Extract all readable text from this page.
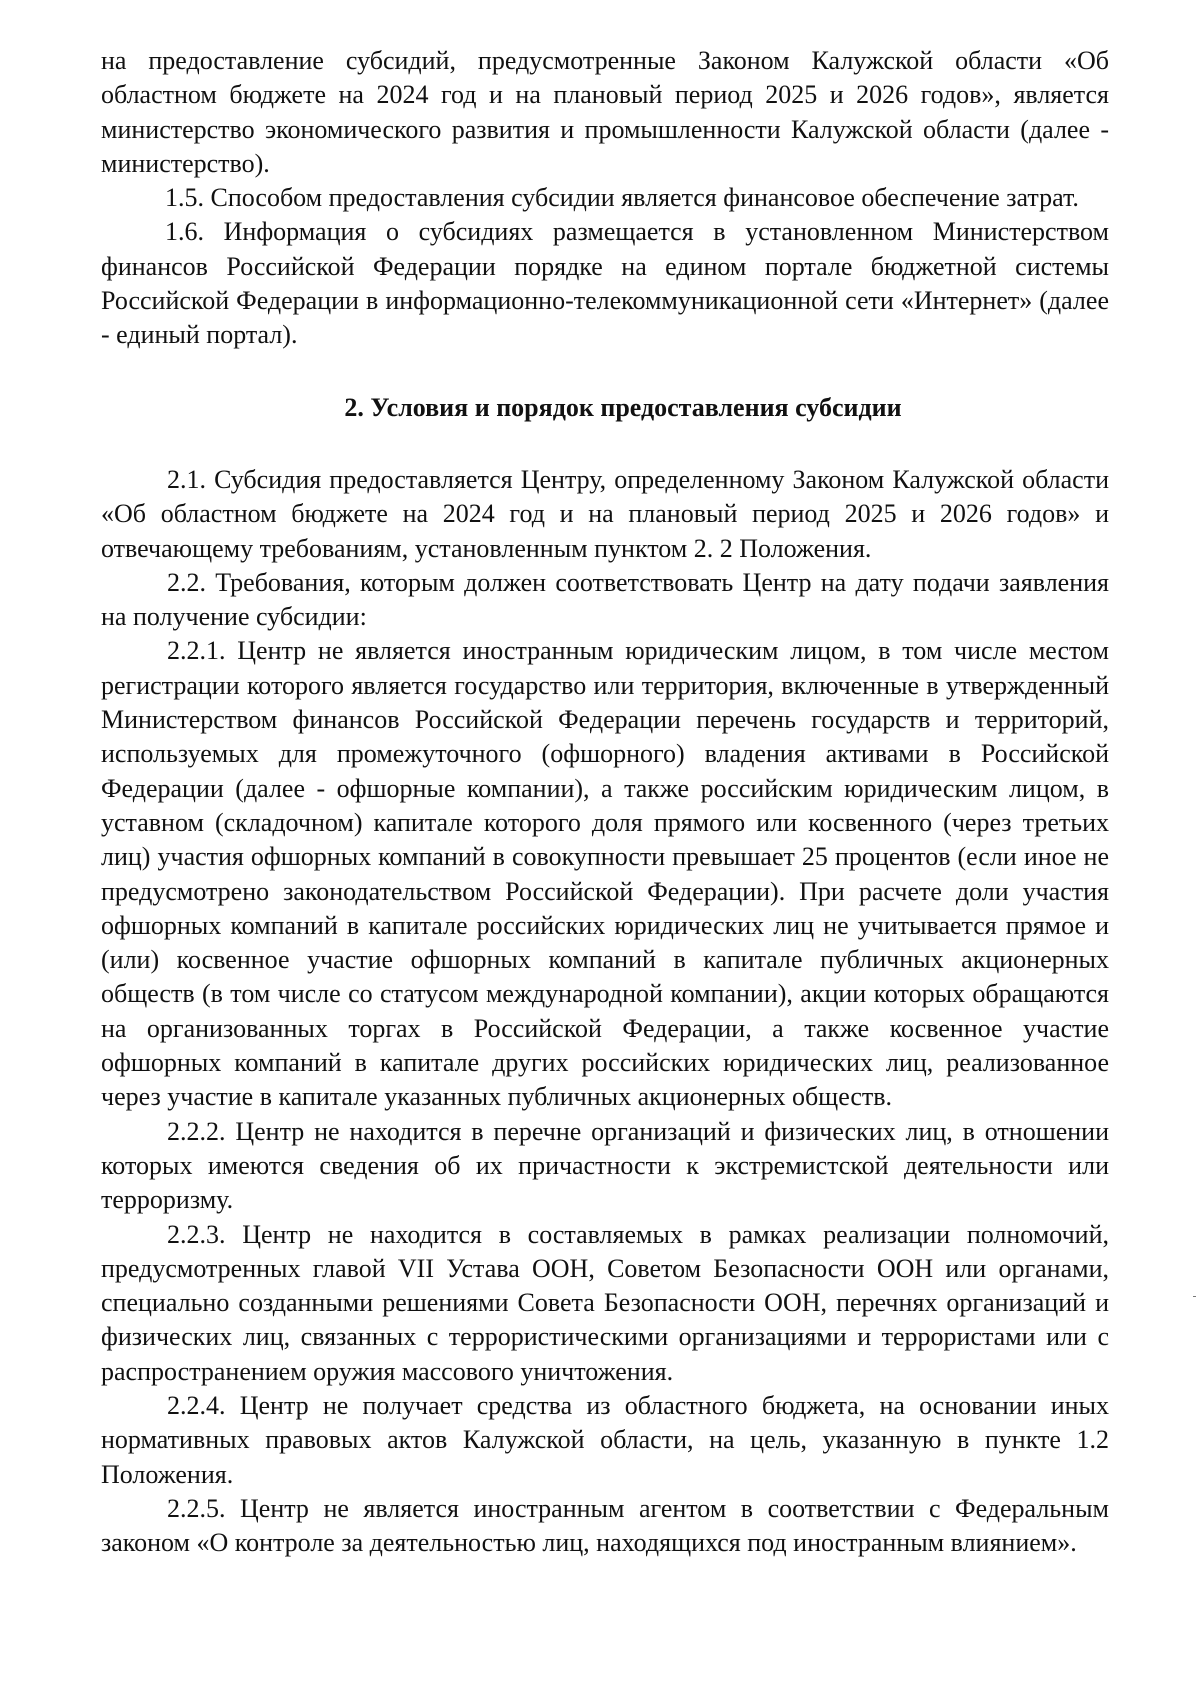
на предоставление субсидий, предусмотренные Законом Калужской области «Об областном бюджете на 2024 год и на плановый период 2025 и 2026 годов», является министерство экономического развития и промышленности Калужской области (далее - министерство).

1.5. Способом предоставления субсидии является финансовое обеспечение затрат.

1.6. Информация о субсидиях размещается в установленном Министерством финансов Российской Федерации порядке на едином портале бюджетной системы Российской Федерации в информационно-телекоммуникационной сети «Интернет» (далее - единый портал).

2. Условия и порядок предоставления субсидии

2.1. Субсидия предоставляется Центру, определенному Законом Калужской области «Об областном бюджете на 2024 год и на плановый период 2025 и 2026 годов» и отвечающему требованиям, установленным пунктом 2. 2 Положения.

2.2. Требования, которым должен соответствовать Центр на дату подачи заявления на получение субсидии:

2.2.1. Центр не является иностранным юридическим лицом, в том числе местом регистрации которого является государство или территория, включенные в утвержденный Министерством финансов Российской Федерации перечень государств и территорий, используемых для промежуточного (офшорного) владения активами в Российской Федерации (далее - офшорные компании), а также российским юридическим лицом, в уставном (складочном) капитале которого доля прямого или косвенного (через третьих лиц) участия офшорных компаний в совокупности превышает 25 процентов (если иное не предусмотрено законодательством Российской Федерации). При расчете доли участия офшорных компаний в капитале российских юридических лиц не учитывается прямое и (или) косвенное участие офшорных компаний в капитале публичных акционерных обществ (в том числе со статусом международной компании), акции которых обращаются на организованных торгах в Российской Федерации, а также косвенное участие офшорных компаний в капитале других российских юридических лиц, реализованное через участие в капитале указанных публичных акционерных обществ.

2.2.2. Центр не находится в перечне организаций и физических лиц, в отношении которых имеются сведения об их причастности к экстремистской деятельности или терроризму.

2.2.3. Центр не находится в составляемых в рамках реализации полномочий, предусмотренных главой VII Устава ООН, Советом Безопасности ООН или органами, специально созданными решениями Совета Безопасности ООН, перечнях организаций и физических лиц, связанных с террористическими организациями и террористами или с распространением оружия массового уничтожения.

2.2.4. Центр не получает средства из областного бюджета, на основании иных нормативных правовых актов Калужской области, на цель, указанную в пункте 1.2 Положения.

2.2.5. Центр не является иностранным агентом в соответствии с Федеральным законом «О контроле за деятельностью лиц, находящихся под иностранным влиянием».
